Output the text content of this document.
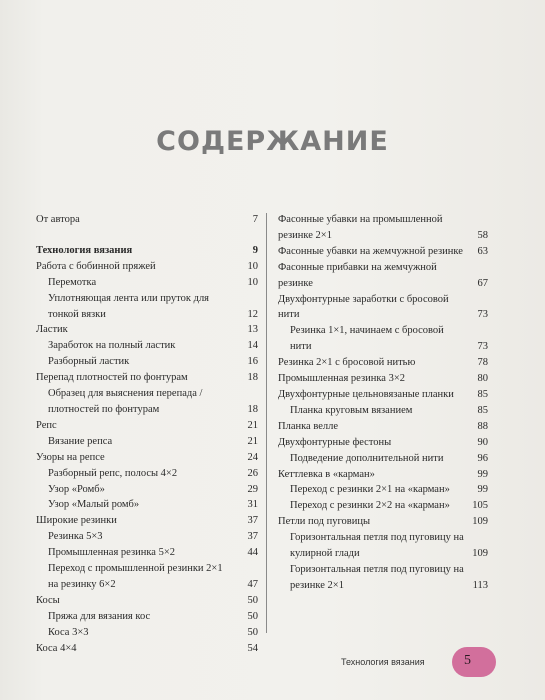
СОДЕРЖАНИЕ
От автора	7
Технология вязания	9
Работа с бобинной пряжей	10
Перемотка	10
Уплотняющая лента или пруток для тонкой вязки	12
Ластик	13
Заработок на полный ластик	14
Разборный ластик	16
Перепад плотностей по фонтурам	18
Образец для выяснения перепада / плотностей по фонтурам	18
Репс	21
Вязание репса	21
Узоры на репсе	24
Разборный репс, полосы 4×2	26
Узор «Ромб»	29
Узор «Малый ромб»	31
Широкие резинки	37
Резинка 5×3	37
Промышленная резинка 5×2	44
Переход с промышленной резинки 2×1 на резинку 6×2	47
Косы	50
Пряжа для вязания кос	50
Коса 3×3	50
Коса 4×4	54
Фасонные убавки на промышленной резинке 2×1	58
Фасонные убавки на жемчужной резинке	63
Фасонные прибавки на жемчужной резинке	67
Двухфонтурные заработки с бросовой нити	73
Резинка 1×1, начинаем с бросовой нити	73
Резинка 2×1 с бросовой нитью	78
Промышленная резинка 3×2	80
Двухфонтурные цельновязаные планки	85
Планка круговым вязанием	85
Планка велле	88
Двухфонтурные фестоны	90
Подведение дополнительной нити	96
Кеттлевка в «карман»	99
Переход с резинки 2×1 на «карман»	99
Переход с резинки 2×2 на «карман»	105
Петли под пуговицы	109
Горизонтальная петля под пуговицу на кулирной глади	109
Горизонтальная петля под пуговицу на резинке 2×1	113
Технология вязания	5
